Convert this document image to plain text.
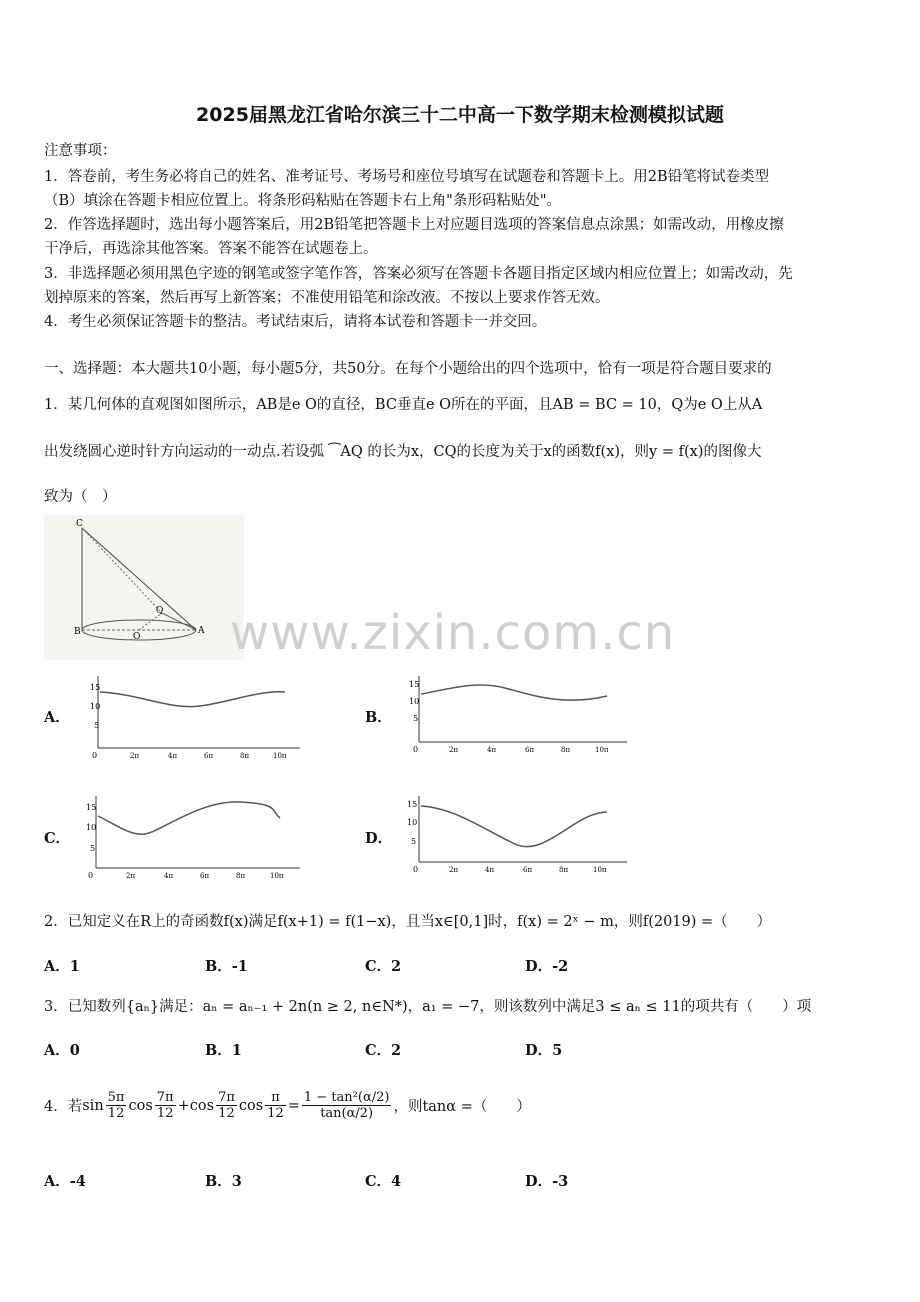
2025届黑龙江省哈尔滨三十二中高一下数学期末检测模拟试题
注意事项：
1．答卷前，考生务必将自己的姓名、准考证号、考场号和座位号填写在试题卷和答题卡上。用2B铅笔将试卷类型
（B）填涂在答题卡相应位置上。将条形码粘贴在答题卡右上角"条形码粘贴处"。
2．作答选择题时，选出每小题答案后，用2B铅笔把答题卡上对应题目选项的答案信息点涂黑；如需改动，用橡皮擦
干净后，再选涂其他答案。答案不能答在试题卷上。
3．非选择题必须用黑色字迹的钢笔或签字笔作答，答案必须写在答题卡各题目指定区域内相应位置上；如需改动，先
划掉原来的答案，然后再写上新答案；不准使用铅笔和涂改液。不按以上要求作答无效。
4．考生必须保证答题卡的整洁。考试结束后，请将本试卷和答题卡一并交回。
一、选择题：本大题共10小题，每小题5分，共50分。在每个小题给出的四个选项中，恰有一项是符合题目要求的
1．某几何体的直观图如图所示，AB是e O的直径，BC垂直e O所在的平面，且AB = BC = 10，Q为e O上从A
出发绕圆心逆时针方向运动的一动点.若设弧 ⁀AQ 的长为x，CQ的长度为关于x的函数f(x)，则y = f(x)的图像大
致为（　）
C
B	O
A
Q www.zixin.com.cn
A．	B．
C．	D．
15
10
5
0	2π	4π	6π	8π	10π
15
10
5
0	2π	4π	6π	8π	10π
15
10
5
0	2π	4π	6π	8π	10π
15
10
5
0	2π	4π	6π	8π	10π
2．已知定义在R上的奇函数f(x)满足f(x+1) = f(1−x)，且当x∈[0,1]时，f(x) = 2ˣ − m，则f(2019) =（　　）
A．1	B．-1	C．2	D．-2
3．已知数列{aₙ}满足：aₙ = aₙ₋₁ + 2n(n ≥ 2, n∈N*)，a₁ = −7，则该数列中满足3 ≤ aₙ ≤ 11的项共有（　　）项
A．0	B．1	C．2	D．5
4．若 $\sin \frac{5\pi}{12}$ $\cos \frac{7\pi}{12} + \cos \frac{7\pi}{12}$ $\cos \frac{\pi}{12} = \frac{\text{1 − tan²(α/2)}}{\tan(\alpha/2)}$ ，则tanα =（　　）
A．-4	B．3	C．4	D．-3
